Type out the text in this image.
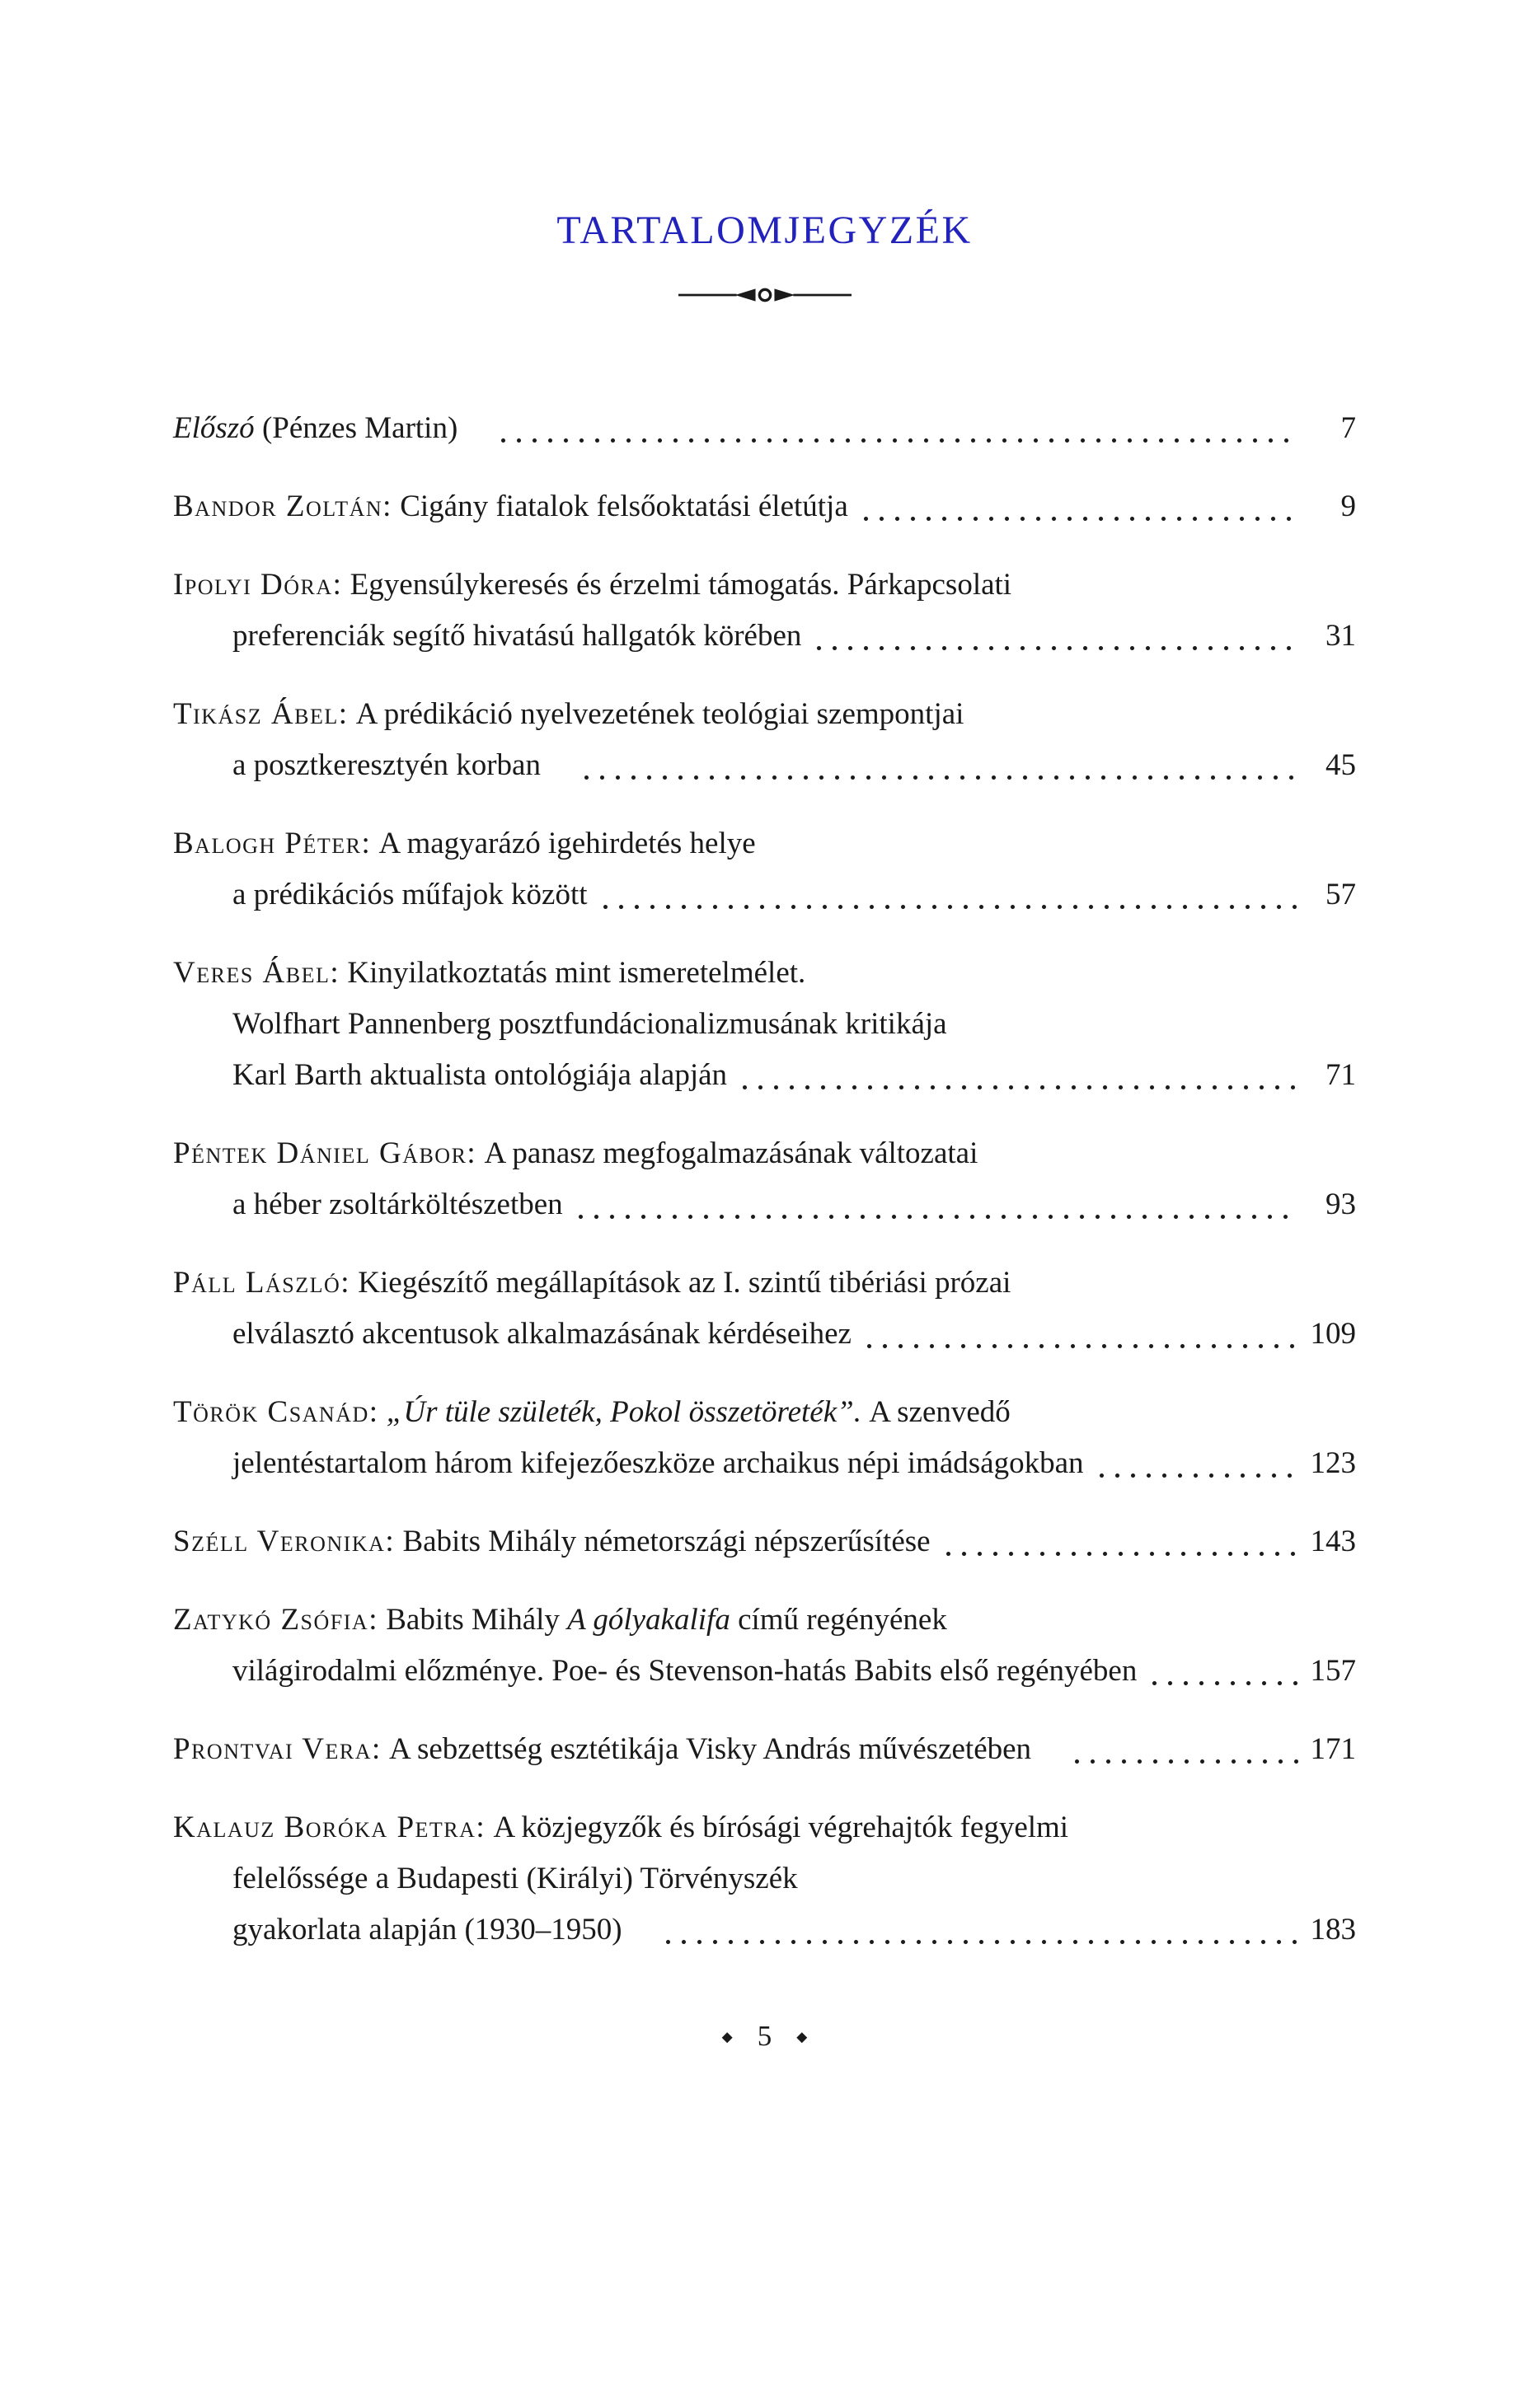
TARTALOMJEGYZÉK
Előszó (Pénzes Martin)	7
Bandor Zoltán: Cigány fiatalok felsőoktatási életútja	9
Ipolyi Dóra: Egyensúlykeresés és érzelmi támogatás. Párkapcsolati
preferenciák segítő hivatású hallgatók körében	31
Tikász Ábel: A prédikáció nyelvezetének teológiai szempontjai
a posztkeresztyén korban	45
Balogh Péter: A magyarázó igehirdetés helye
a prédikációs műfajok között	57
Veres Ábel: Kinyilatkoztatás mint ismeretelmélet.
Wolfhart Pannenberg posztfundácionalizmusának kritikája
Karl Barth aktualista ontológiája alapján	71
Péntek Dániel Gábor: A panasz megfogalmazásának változatai
a héber zsoltárköltészetben	93
Páll László: Kiegészítő megállapítások az I. szintű tibériási prózai
elválasztó akcentusok alkalmazásának kérdéseihez	109
Török Csanád:
„Úr tüle születék, Pokol összetöreték”. A szenvedő
jelentéstartalom három kifejezőeszköze archaikus népi imádságokban	123
Széll Veronika: Babits Mihály németországi népszerűsítése	143
Zatykó Zsófia: Babits Mihály A gólyakalifa című regényének
világirodalmi előzménye. Poe- és Stevenson-hatás Babits első regényében	157
Prontvai Vera: A sebzettség esztétikája Visky András művészetében	171
Kalauz Boróka Petra: A közjegyzők és bírósági végrehajtók fegyelmi
felelőssége a Budapesti (Királyi) Törvényszék
gyakorlata alapján (1930–1950)	183
◆ 5 ◆
